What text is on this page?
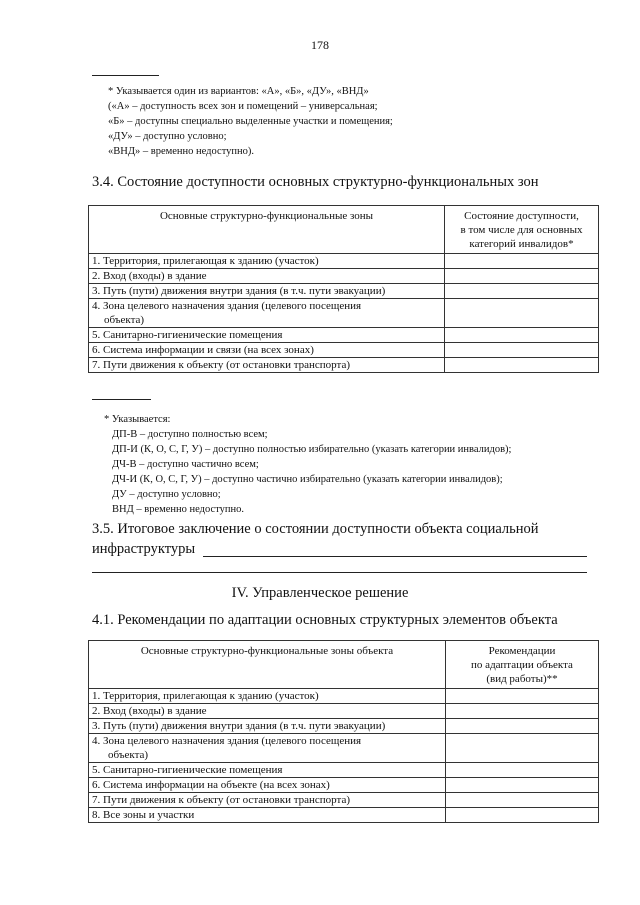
178
* Указывается один из вариантов: «А», «Б», «ДУ», «ВНД»
(«А» – доступность всех зон и помещений – универсальная;
«Б» – доступны специально выделенные участки и помещения;
«ДУ» – доступно условно;
«ВНД» – временно недоступно).
3.4. Состояние доступности основных структурно-функциональных зон
Основные структурно-функциональные зоны	Состояние доступности,
в том числе для основных
категорий инвалидов*

1. Территория, прилегающая к зданию (участок)	
2. Вход (входы) в здание	
3. Путь (пути) движения внутри здания (в т.ч. пути эвакуации)	

4. Зона целевого назначения здания (целевого посещения
объекта)	

5. Санитарно-гигиенические помещения	
6. Система информации и связи (на всех зонах)	
7. Пути движения к объекту (от остановки транспорта)	
* Указывается:
ДП-В – доступно полностью всем;
ДП-И (К, О, С, Г, У) – доступно полностью избирательно (указать категории инвалидов);
ДЧ-В – доступно частично всем;
ДЧ-И (К, О, С, Г, У) – доступно частично избирательно (указать категории инвалидов);
ДУ – доступно условно;
ВНД – временно недоступно.
3.5. Итоговое заключение о состоянии доступности объекта социальной
инфраструктуры
IV. Управленческое решение
4.1. Рекомендации по адаптации основных структурных элементов объекта
Основные структурно-функциональные зоны объекта	Рекомендации
по адаптации объекта
(вид работы)**

1. Территория, прилегающая к зданию (участок)	
2. Вход (входы) в здание	
3. Путь (пути) движения внутри здания (в т.ч. пути эвакуации)	

4. Зона целевого назначения здания (целевого посещения
объекта)	

5. Санитарно-гигиенические помещения	
6. Система информации на объекте (на всех зонах)	
7. Пути движения к объекту (от остановки транспорта)	
8. Все зоны и участки	
